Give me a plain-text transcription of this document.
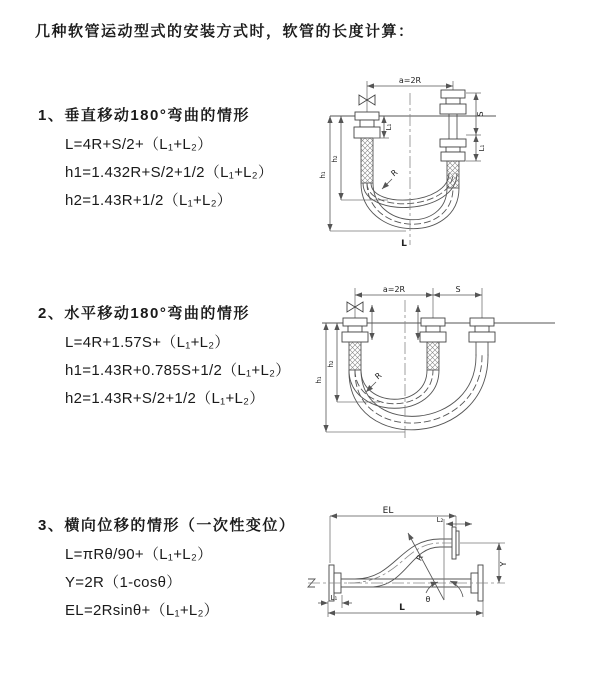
几种软管运动型式的安装方式时，软管的长度计算：
1、垂直移动180°弯曲的情形
L=4R+S/2+（L₁+L₂）
h1=1.432R+S/2+1/2（L₁+L₂）
h2=1.43R+1/2（L₁+L₂）
a=2R
S
L₁
L₁
h₁
h₂
R
L
2、水平移动180°弯曲的情形
L=4R+1.57S+（L₁+L₂）
h1=1.43R+0.785S+1/2（L₁+L₂）
h2=1.43R+S/2+1/2（L₁+L₂）
a=2R	S
h₁
h₂
R
3、横向位移的情形（一次性变位）
L=πRθ/90+（L₁+L₂）
Y=2R（1-cosθ）
EL=2Rsinθ+（L₁+L₂）
EL
L₂
R
θ
Y
L₁
L
